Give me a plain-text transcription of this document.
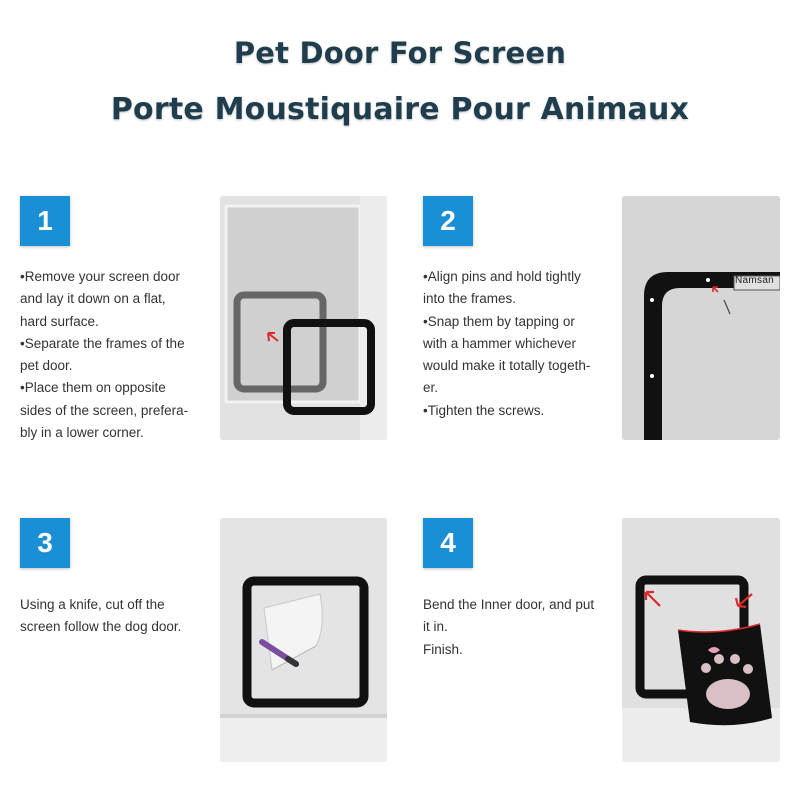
Pet Door For Screen
Porte Moustiquaire Pour Animaux
1
•Remove your screen door
and lay it down on a flat,
hard surface.
•Separate the frames of the
pet door.
•Place them on opposite
sides of the screen, prefera-
bly in a lower corner.
2
•Align pins and hold tightly
into the frames.
•Snap them by tapping or
with a hammer whichever
would make it totally togeth-
er.
•Tighten the screws.
Namsan
3
Using a knife, cut off the
screen follow the dog door.
4
Bend the Inner door, and put
it in.
Finish.
